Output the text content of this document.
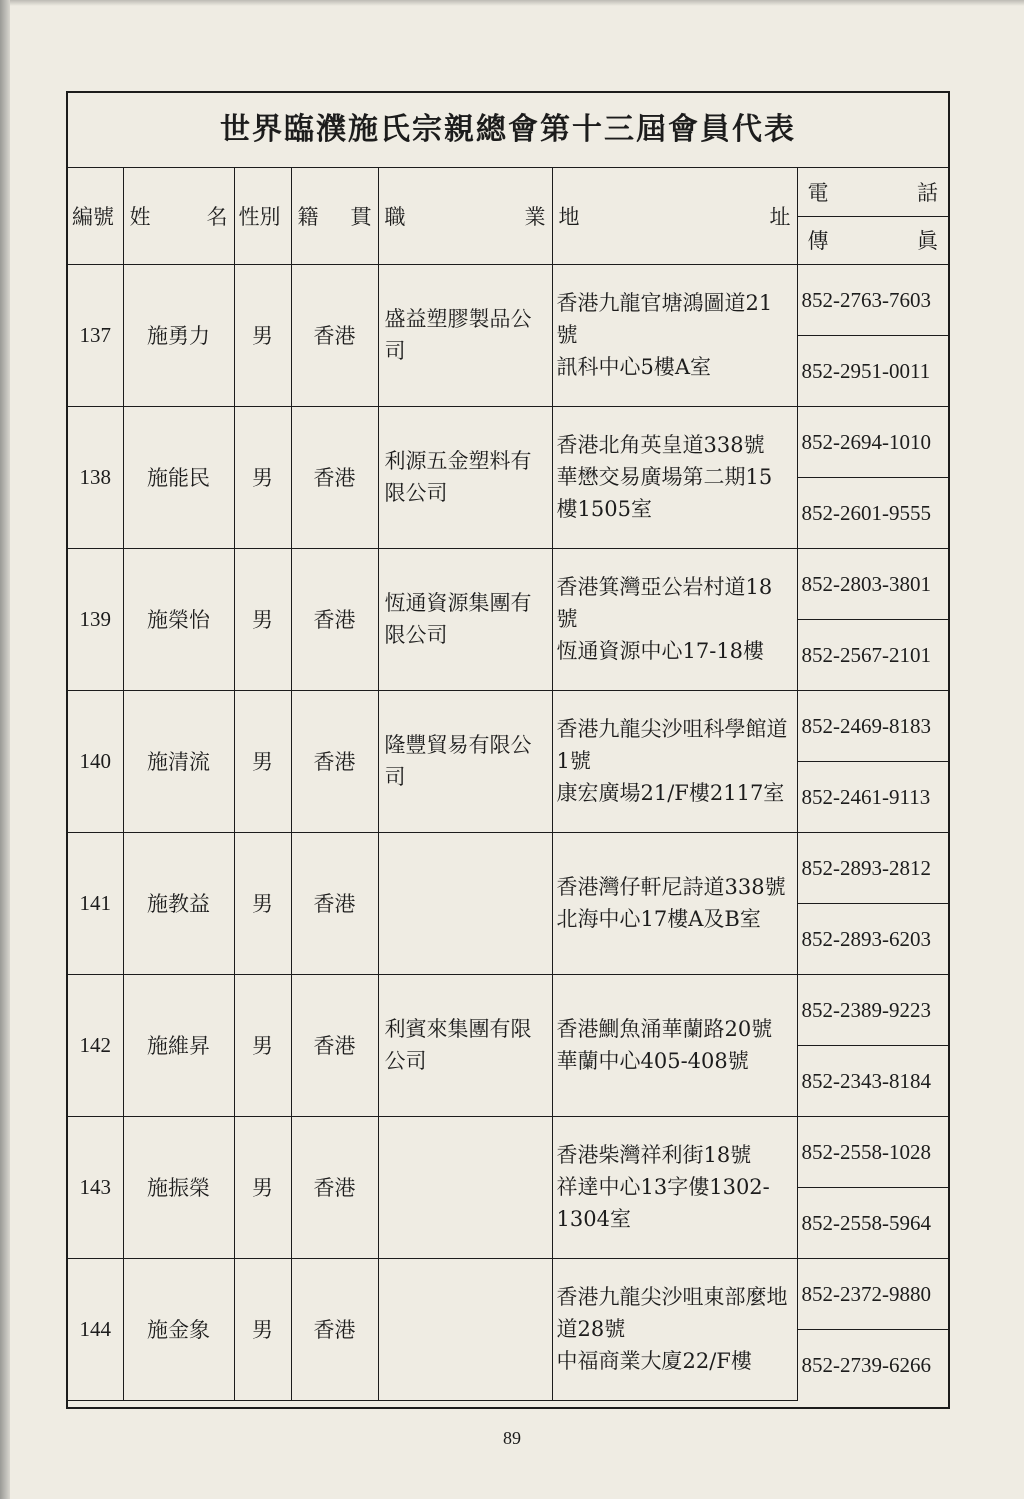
世界臨濮施氏宗親總會第十三屆會員代表
編號	姓 名	性別	籍 貫	職 業	地 址	電 話

						傳 眞

137	施勇力	男	香港	盛益塑膠製品公司	香港九龍官塘鴻圖道21號
訊科中心5樓A室	852-2763-7603
						852-2951-0011
138	施能民	男	香港	利源五金塑料有限公司	香港北角英皇道338號
華懋交易廣場第二期15樓1505室	852-2694-1010
						852-2601-9555
139	施榮怡	男	香港	恆通資源集團有限公司	香港箕灣亞公岩村道18號
恆通資源中心17-18樓	852-2803-3801
						852-2567-2101
140	施清流	男	香港	隆豐貿易有限公司	香港九龍尖沙咀科學館道1號
康宏廣場21/F樓2117室	852-2469-8183
						852-2461-9113
141	施教益	男	香港		香港灣仔軒尼詩道338號
北海中心17樓A及B室	852-2893-2812
						852-2893-6203
142	施維昇	男	香港	利賓來集團有限公司	香港鰂魚涌華蘭路20號
華蘭中心405-408號	852-2389-9223
						852-2343-8184
143	施振榮	男	香港		香港柴灣祥利街18號
祥達中心13字僂1302-1304室	852-2558-1028
						852-2558-5964
144	施金象	男	香港		香港九龍尖沙咀東部麼地道28號
中福商業大廈22/F樓	852-2372-9880
						852-2739-6266
89
